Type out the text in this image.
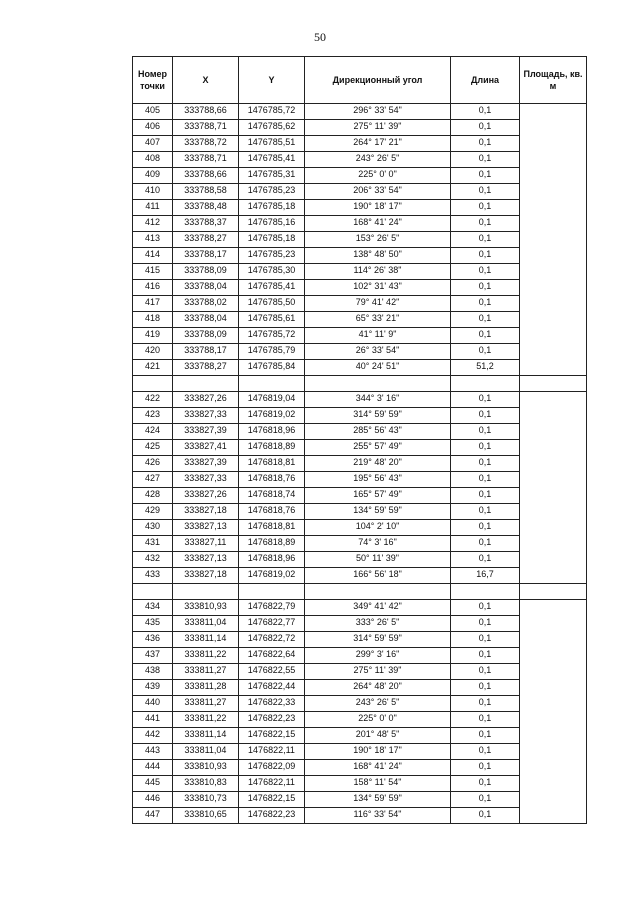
50
Номер точки	X	Y	Дирекционный угол	Длина	Площадь, кв. м
405	333788,66	1476785,72	296° 33' 54"	0,1	
406	333788,71	1476785,62	275° 11' 39"	0,1	
407	333788,72	1476785,51	264° 17' 21"	0,1	
408	333788,71	1476785,41	243° 26' 5"	0,1	
409	333788,66	1476785,31	225° 0' 0"	0,1	
410	333788,58	1476785,23	206° 33' 54"	0,1	
411	333788,48	1476785,18	190° 18' 17"	0,1	
412	333788,37	1476785,16	168° 41' 24"	0,1	
413	333788,27	1476785,18	153° 26' 5"	0,1	
414	333788,17	1476785,23	138° 48' 50"	0,1	
415	333788,09	1476785,30	114° 26' 38"	0,1	
416	333788,04	1476785,41	102° 31' 43"	0,1	
417	333788,02	1476785,50	79° 41' 42"	0,1	
418	333788,04	1476785,61	65° 33' 21"	0,1	
419	333788,09	1476785,72	41° 11' 9"	0,1	
420	333788,17	1476785,79	26° 33' 54"	0,1	
421	333788,27	1476785,84	40° 24' 51"	51,2	

422	333827,26	1476819,04	344° 3' 16"	0,1	
423	333827,33	1476819,02	314° 59' 59"	0,1	
424	333827,39	1476818,96	285° 56' 43"	0,1	
425	333827,41	1476818,89	255° 57' 49"	0,1	
426	333827,39	1476818,81	219° 48' 20"	0,1	
427	333827,33	1476818,76	195° 56' 43"	0,1	
428	333827,26	1476818,74	165° 57' 49"	0,1	
429	333827,18	1476818,76	134° 59' 59"	0,1	
430	333827,13	1476818,81	104° 2' 10"	0,1	
431	333827,11	1476818,89	74° 3' 16"	0,1	
432	333827,13	1476818,96	50° 11' 39"	0,1	
433	333827,18	1476819,02	166° 56' 18"	16,7	

434	333810,93	1476822,79	349° 41' 42"	0,1	
435	333811,04	1476822,77	333° 26' 5"	0,1	
436	333811,14	1476822,72	314° 59' 59"	0,1	
437	333811,22	1476822,64	299° 3' 16"	0,1	
438	333811,27	1476822,55	275° 11' 39"	0,1	
439	333811,28	1476822,44	264° 48' 20"	0,1	
440	333811,27	1476822,33	243° 26' 5"	0,1	
441	333811,22	1476822,23	225° 0' 0"	0,1	
442	333811,14	1476822,15	201° 48' 5"	0,1	
443	333811,04	1476822,11	190° 18' 17"	0,1	
444	333810,93	1476822,09	168° 41' 24"	0,1	
445	333810,83	1476822,11	158° 11' 54"	0,1	
446	333810,73	1476822,15	134° 59' 59"	0,1	
447	333810,65	1476822,23	116° 33' 54"	0,1	
